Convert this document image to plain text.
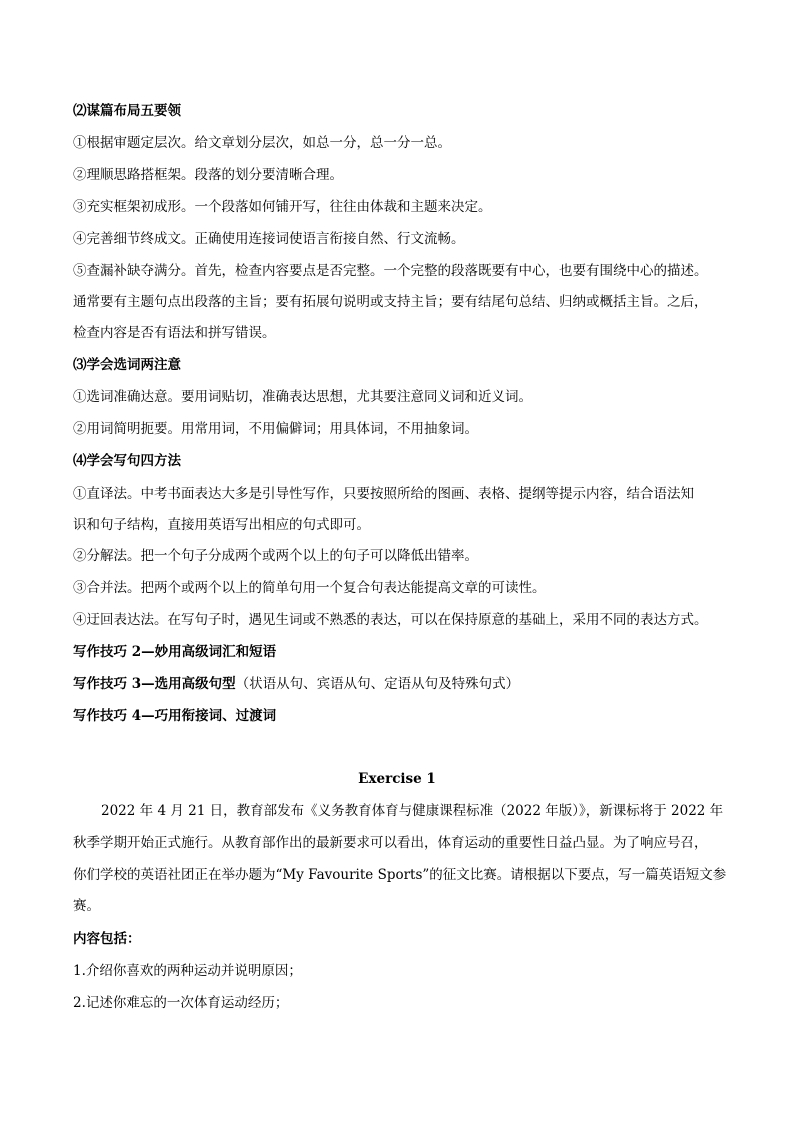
⑵谋篇布局五要领
①根据审题定层次。给文章划分层次，如总一分，总一分一总。
②理顺思路搭框架。段落的划分要清晰合理。
③充实框架初成形。一个段落如何铺开写，往往由体裁和主题来决定。
④完善细节终成文。正确使用连接词使语言衔接自然、行文流畅。
⑤查漏补缺夺满分。首先，检查内容要点是否完整。一个完整的段落既要有中心，也要有围绕中心的描述。
通常要有主题句点出段落的主旨；要有拓展句说明或支持主旨；要有结尾句总结、归纳或概括主旨。之后，
检查内容是否有语法和拼写错误。
⑶学会选词两注意
①选词准确达意。要用词贴切，准确表达思想，尤其要注意同义词和近义词。
②用词简明扼要。用常用词，不用偏僻词；用具体词，不用抽象词。
⑷学会写句四方法
①直译法。中考书面表达大多是引导性写作，只要按照所给的图画、表格、提纲等提示内容，结合语法知
识和句子结构，直接用英语写出相应的句式即可。
②分解法。把一个句子分成两个或两个以上的句子可以降低出错率。
③合并法。把两个或两个以上的简单句用一个复合句表达能提高文章的可读性。
④迂回表达法。在写句子时，遇见生词或不熟悉的表达，可以在保持原意的基础上，采用不同的表达方式。
写作技巧 2—妙用高级词汇和短语
写作技巧 3—选用高级句型（状语从句、宾语从句、定语从句及特殊句式）
写作技巧 4—巧用衔接词、过渡词
Exercise 1
2022 年 4 月 21 日，教育部发布《义务教育体育与健康课程标准（2022 年版）》，新课标将于 2022 年
秋季学期开始正式施行。从教育部作出的最新要求可以看出，体育运动的重要性日益凸显。为了响应号召，
你们学校的英语社团正在举办题为“My Favourite Sports”的征文比赛。请根据以下要点，写一篇英语短文参
赛。
内容包括：
1.介绍你喜欢的两种运动并说明原因；
2.记述你难忘的一次体育运动经历；
